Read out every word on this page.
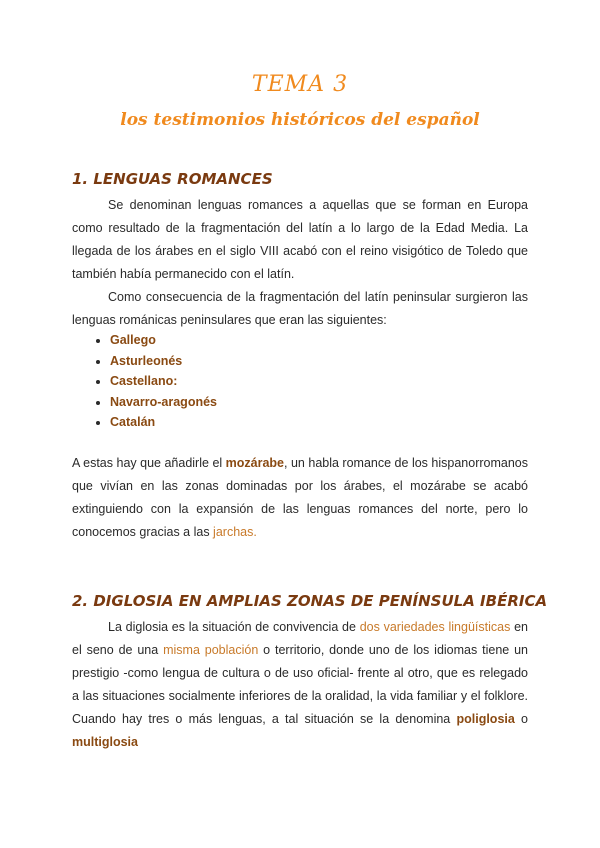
TEMA 3
los testimonios históricos del español
1. LENGUAS ROMANCES
Se denominan lenguas romances a aquellas que se forman en Europa como resultado de la fragmentación del latín a lo largo de la Edad Media. La llegada de los árabes en el siglo VIII acabó con el reino visigótico de Toledo que también había permanecido con el latín.
Como consecuencia de la fragmentación del latín peninsular surgieron las lenguas románicas peninsulares que eran las siguientes:
• Gallego
• Asturleonés
• Castellano:
• Navarro-aragonés
• Catalán
A estas hay que añadirle el mozárabe, un habla romance de los hispanorromanos que vivían en las zonas dominadas por los árabes, el mozárabe se acabó extinguiendo con la expansión de las lenguas romances del norte, pero lo conocemos gracias a las jarchas.
2. DIGLOSIA EN AMPLIAS ZONAS DE PENÍNSULA IBÉRICA
La diglosia es la situación de convivencia de dos variedades lingüísticas en el seno de una misma población o territorio, donde uno de los idiomas tiene un prestigio -como lengua de cultura o de uso oficial- frente al otro, que es relegado a las situaciones socialmente inferiores de la oralidad, la vida familiar y el folklore. Cuando hay tres o más lenguas, a tal situación se la denomina poliglosia o multiglosia
